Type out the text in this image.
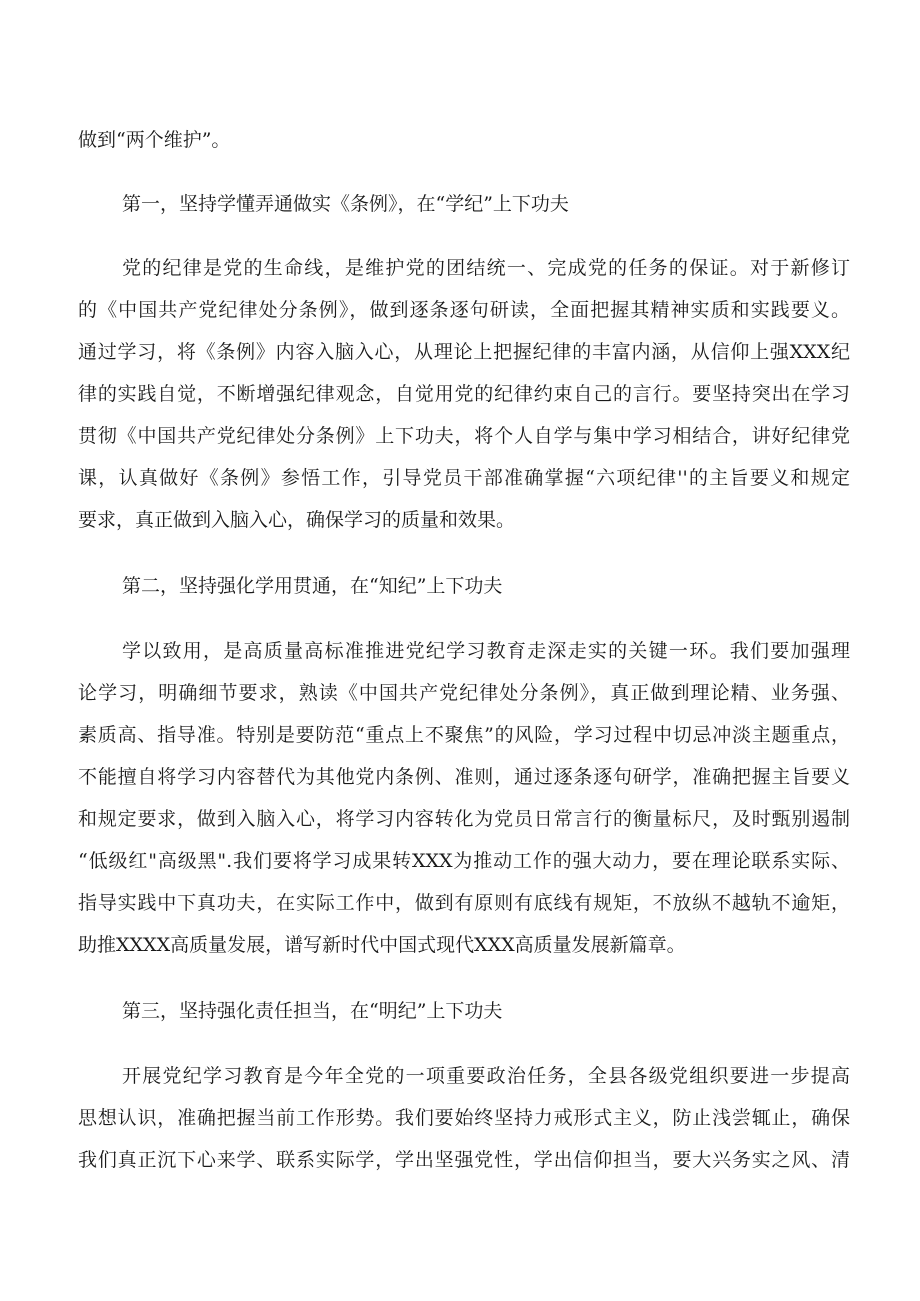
做到“两个维护”。
第一，坚持学懂弄通做实《条例》，在“学纪”上下功夫
党的纪律是党的生命线，是维护党的团结统一、完成党的任务的保证。对于新修订
的《中国共产党纪律处分条例》，做到逐条逐句研读，全面把握其精神实质和实践要义。
通过学习，将《条例》内容入脑入心，从理论上把握纪律的丰富内涵，从信仰上强XXX纪
律的实践自觉，不断增强纪律观念，自觉用党的纪律约束自己的言行。要坚持突出在学习
贯彻《中国共产党纪律处分条例》上下功夫，将个人自学与集中学习相结合，讲好纪律党
课，认真做好《条例》参悟工作，引导党员干部准确掌握“六项纪律''的主旨要义和规定
要求，真正做到入脑入心，确保学习的质量和效果。
第二，坚持强化学用贯通，在“知纪”上下功夫
学以致用，是高质量高标准推进党纪学习教育走深走实的关键一环。我们要加强理
论学习，明确细节要求，熟读《中国共产党纪律处分条例》，真正做到理论精、业务强、
素质高、指导准。特别是要防范“重点上不聚焦”的风险，学习过程中切忌冲淡主题重点，
不能擅自将学习内容替代为其他党内条例、准则，通过逐条逐句研学，准确把握主旨要义
和规定要求，做到入脑入心，将学习内容转化为党员日常言行的衡量标尺，及时甄别遏制
“低级红"高级黑".我们要将学习成果转XXX为推动工作的强大动力，要在理论联系实际、
指导实践中下真功夫，在实际工作中，做到有原则有底线有规矩，不放纵不越轨不逾矩，
助推XXXX高质量发展，谱写新时代中国式现代XXX高质量发展新篇章。
第三，坚持强化责任担当，在“明纪”上下功夫
开展党纪学习教育是今年全党的一项重要政治任务，全县各级党组织要进一步提高
思想认识，准确把握当前工作形势。我们要始终坚持力戒形式主义，防止浅尝辄止，确保
我们真正沉下心来学、联系实际学，学出坚强党性，学出信仰担当，要大兴务实之风、清
